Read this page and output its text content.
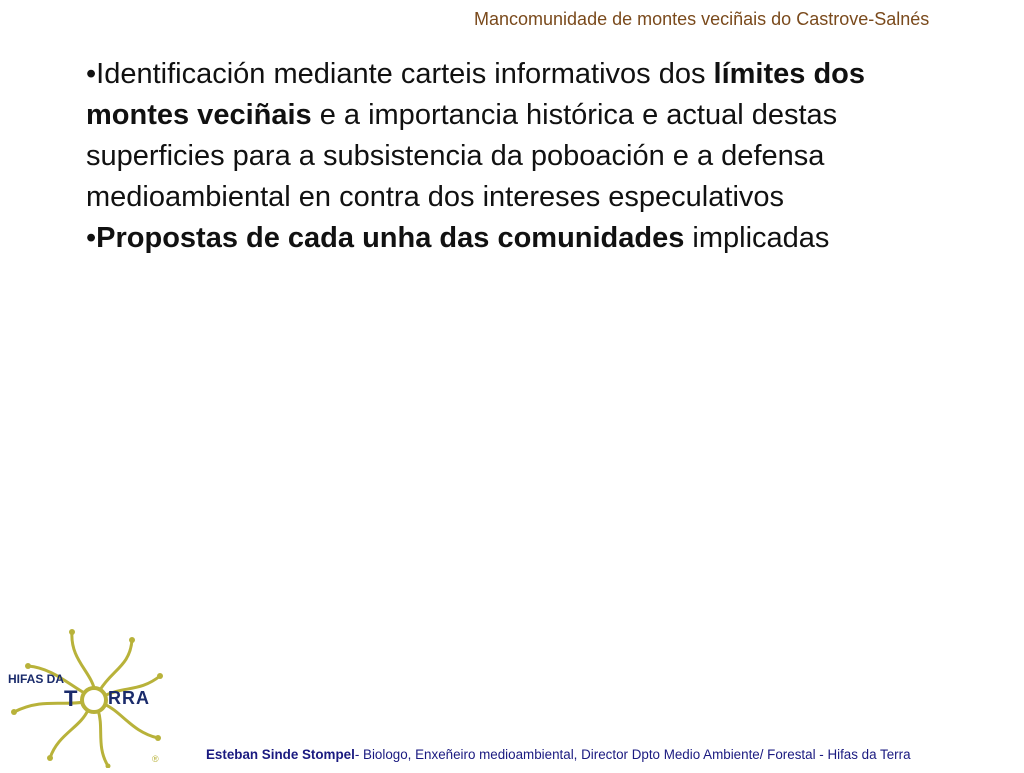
Mancomunidade de montes veciñais do Castrove-Salnés

•Identificación mediante carteis informativos dos límites dos montes veciñais e a importancia histórica e actual destas superficies para a subsistencia da poboación e a defensa medioambiental en contra dos intereses especulativos

•Propostas de cada unha das comunidades implicadas

HIFAS DA
T RRA
®	Esteban Sinde Stompel- Biologo, Enxeñeiro medioambiental, Director Dpto Medio Ambiente/ Forestal - Hifas da Terra
